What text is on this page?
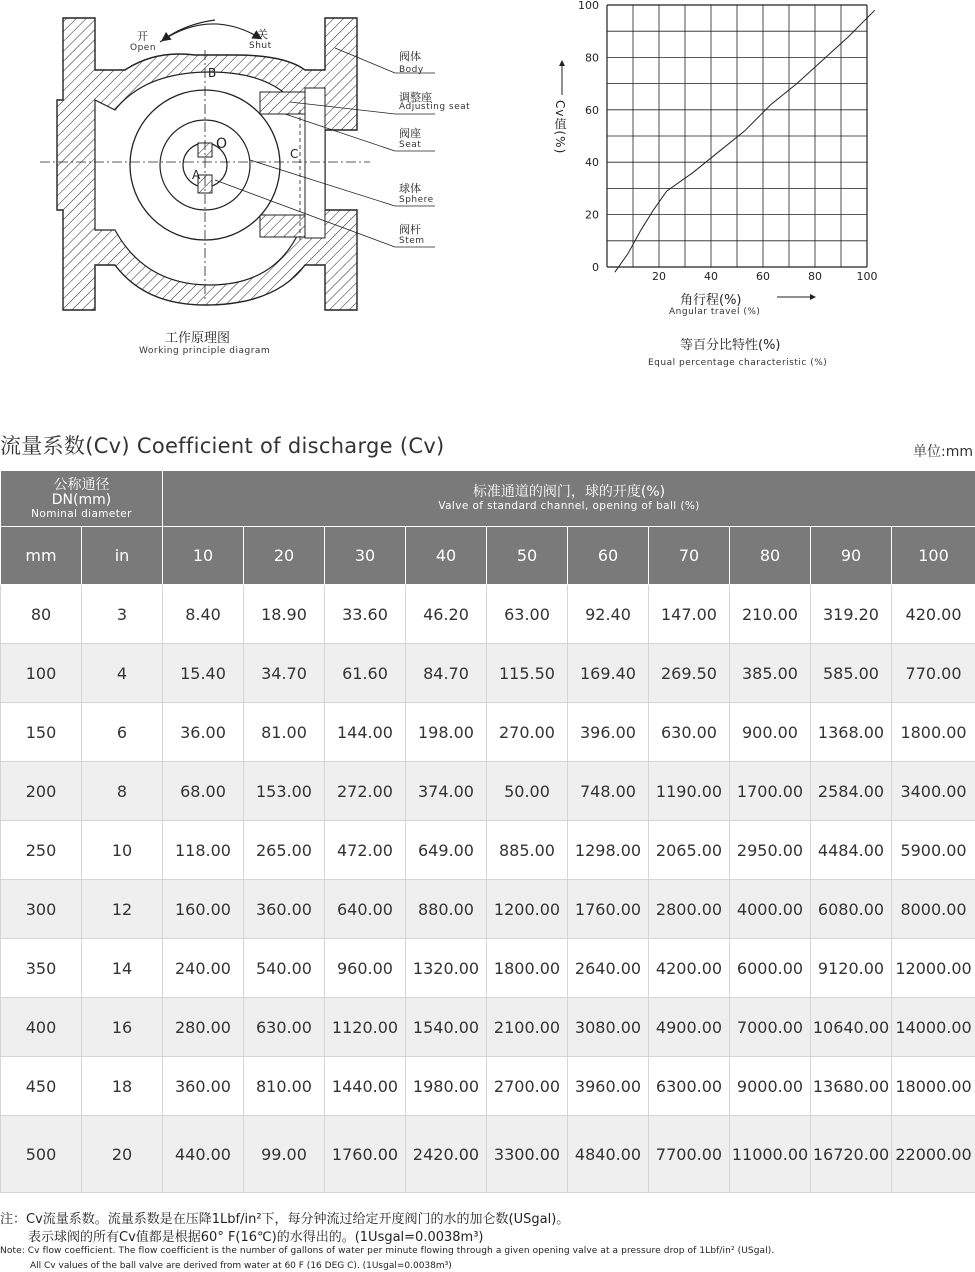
开
Open
关
Shut
B
O
C
A
阀体
Body
调整座
Adjusting seat
阀座
Seat
球体
Sphere
阀杆
Stem
工作原理图
Working principle diagram
0
20
40
60
80
100
20	40	60	80	100
Cv值(%)
角行程(%)
Angular travel (%)
等百分比特性(%)
Equal percentage characteristic (%)
流量系数(Cv) Coefficient of discharge (Cv)	单位:mm
公称通径
DN(mm)
Nominal diameter		标准通道的阀门，球的开度(%)
Valve of standard channel, opening of ball (%)									

mm	in	10	20	30	40	50	60	70	80	90	100
80	3	8.40	18.90	33.60	46.20	63.00	92.40	147.00	210.00	319.20	420.00
100	4	15.40	34.70	61.60	84.70	115.50	169.40	269.50	385.00	585.00	770.00
150	6	36.00	81.00	144.00	198.00	270.00	396.00	630.00	900.00	1368.00	1800.00
200	8	68.00	153.00	272.00	374.00	50.00	748.00	1190.00	1700.00	2584.00	3400.00
250	10	118.00	265.00	472.00	649.00	885.00	1298.00	2065.00	2950.00	4484.00	5900.00
300	12	160.00	360.00	640.00	880.00	1200.00	1760.00	2800.00	4000.00	6080.00	8000.00
350	14	240.00	540.00	960.00	1320.00	1800.00	2640.00	4200.00	6000.00	9120.00	12000.00
400	16	280.00	630.00	1120.00	1540.00	2100.00	3080.00	4900.00	7000.00	10640.00	14000.00
450	18	360.00	810.00	1440.00	1980.00	2700.00	3960.00	6300.00	9000.00	13680.00	18000.00
500	20	440.00	99.00	1760.00	2420.00	3300.00	4840.00	7700.00	11000.00	16720.00	22000.00
注：Cv流量系数。流量系数是在压降1Lbf/in²下，每分钟流过给定开度阀门的水的加仑数(USgal)。
表示球阀的所有Cv值都是根据60° F(16℃)的水得出的。(1Usgal=0.0038m³)
Note: Cv flow coefficient. The flow coefficient is the number of gallons of water per minute flowing through a given opening valve at a pressure drop of 1Lbf/in² (USgal).
All Cv values of the ball valve are derived from water at 60 F (16 DEG C). (1Usgal=0.0038m³)
